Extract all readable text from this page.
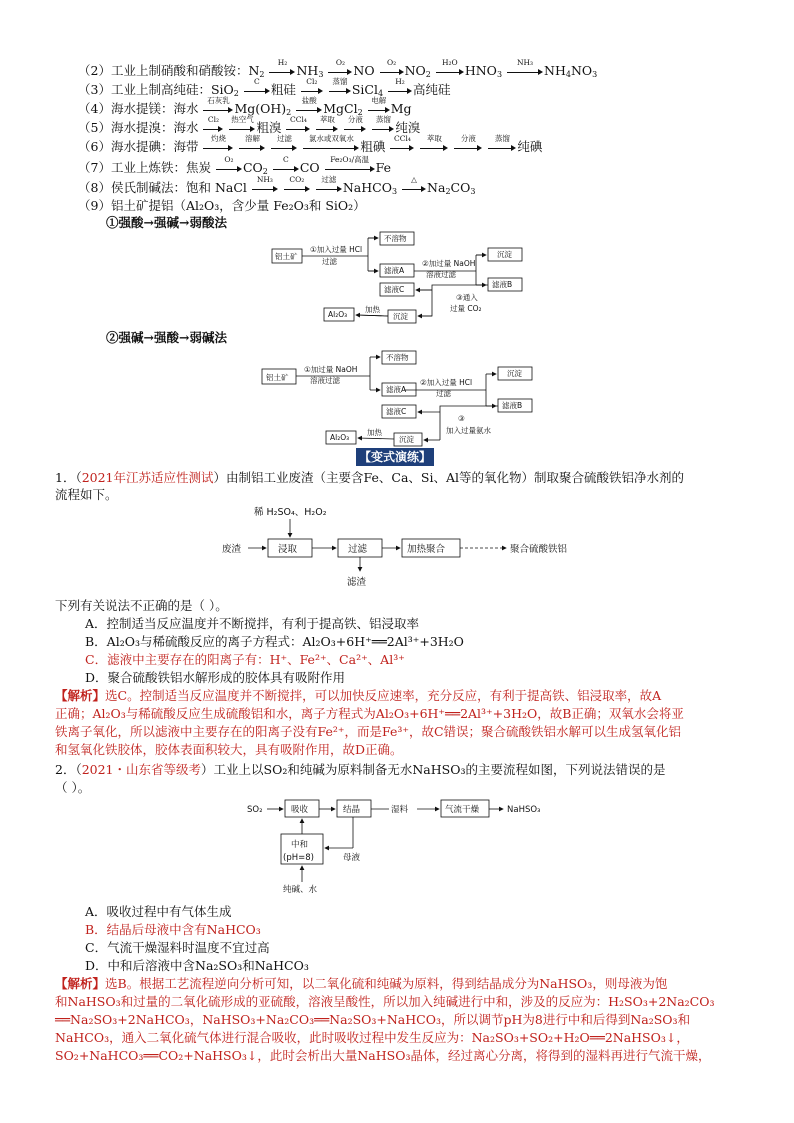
（2）工业上制硝酸和硝酸铵：$N_2$
H₂
$NH_3$
O₂
NO
O₂
$NO_2$
H₂O
$HNO_3$
NH₃
$NH_4NO_3$
（3）工业上制高纯硅：SiO$_2$
C
粗硅
Cl₂
	蒸馏
SiCl$_4$
H₂
高纯硅
（4）海水提镁：海水
石灰乳
$Mg(OH)_2$
盐酸
MgCl$_2$
电解
Mg
（5）海水提溴：海水
Cl₂
	热空气
粗溴
CCl₄
	萃取
	分液
	蒸馏
纯溴
（6）海水提碘：海带
灼烧
	溶解
	过滤
	氯水或双氧水
粗碘
CCl₄
	萃取
	分液
	蒸馏
纯碘
（7）工业上炼铁：焦炭
O₂
$CO_2$
C
CO
Fe₂O₃/高温
Fe
（8）侯氏制碱法：饱和 NaCl
NH₃
	CO₂
	过滤
NaHCO$_3$
△
$Na_2CO_3$
（9）铝土矿提铝（Al₂O₃，含少量 Fe₂O₃和 SiO₂）
①强酸→强碱→弱酸法
铝土矿
①加入过量 HCl
过滤
不溶物
滤液A
②加过量 NaOH
溶液过滤
沉淀
滤液B
滤液C
③通入
过量 CO₂
沉淀
加热
Al₂O₃
②强碱→强酸→弱碱法
铝土矿
①加过量 NaOH
溶液过滤
不溶物
滤液A
②加入过量 HCl
过滤
沉淀
滤液B
滤液C
③
加入过量氨水
沉淀
加热
Al₂O₃
【变式演练】
1．（2021年江苏适应性测试）由制铝工业废渣（主要含Fe、Ca、Si、Al等的氧化物）制取聚合硫酸铁铝净水剂的
流程如下。
稀 H₂SO₄、H₂O₂
废渣	浸取	过滤	加热聚合	聚合硫酸铁铝
滤渣
下列有关说法不正确的是（ ）。
A．控制适当反应温度并不断搅拌，有利于提高铁、铝浸取率
B．Al₂O₃与稀硫酸反应的离子方程式：Al₂O₃+6H⁺══2Al³⁺+3H₂O
C．滤液中主要存在的阳离子有：H⁺、Fe²⁺、Ca²⁺、Al³⁺
D．聚合硫酸铁铝水解形成的胶体具有吸附作用
【解析】选C。控制适当反应温度并不断搅拌，可以加快反应速率，充分反应，有利于提高铁、铝浸取率，故A
正确；Al₂O₃与稀硫酸反应生成硫酸铝和水，离子方程式为Al₂O₃+6H⁺══2Al³⁺+3H₂O，故B正确；双氧水会将亚
铁离子氧化，所以滤液中主要存在的阳离子没有Fe²⁺，而是Fe³⁺，故C错误；聚合硫酸铁铝水解可以生成氢氧化铝
和氢氧化铁胶体，胶体表面积较大，具有吸附作用，故D正确。
2．（2021・山东省等级考）工业上以SO₂和纯碱为原料制备无水NaHSO₃的主要流程如图，下列说法错误的是
（ ）。
SO₂	吸收	结晶	湿料	气流干燥	NaHSO₃
中和
(pH=8)	母液
纯碱、水
A．吸收过程中有气体生成
B．结晶后母液中含有NaHCO₃
C．气流干燥湿料时温度不宜过高
D．中和后溶液中含Na₂SO₃和NaHCO₃
【解析】选B。根据工艺流程逆向分析可知，以二氧化硫和纯碱为原料，得到结晶成分为NaHSO₃，则母液为饱
和NaHSO₃和过量的二氧化硫形成的亚硫酸，溶液呈酸性，所以加入纯碱进行中和，涉及的反应为：H₂SO₃+2Na₂CO₃
══Na₂SO₃+2NaHCO₃，NaHSO₃+Na₂CO₃══Na₂SO₃+NaHCO₃，所以调节pH为8进行中和后得到Na₂SO₃和
NaHCO₃，通入二氧化硫气体进行混合吸收，此时吸收过程中发生反应为：Na₂SO₃+SO₂+H₂O══2NaHSO₃↓，
SO₂+NaHCO₃══CO₂+NaHSO₃↓，此时会析出大量NaHSO₃晶体，经过离心分离，将得到的湿料再进行气流干燥，
